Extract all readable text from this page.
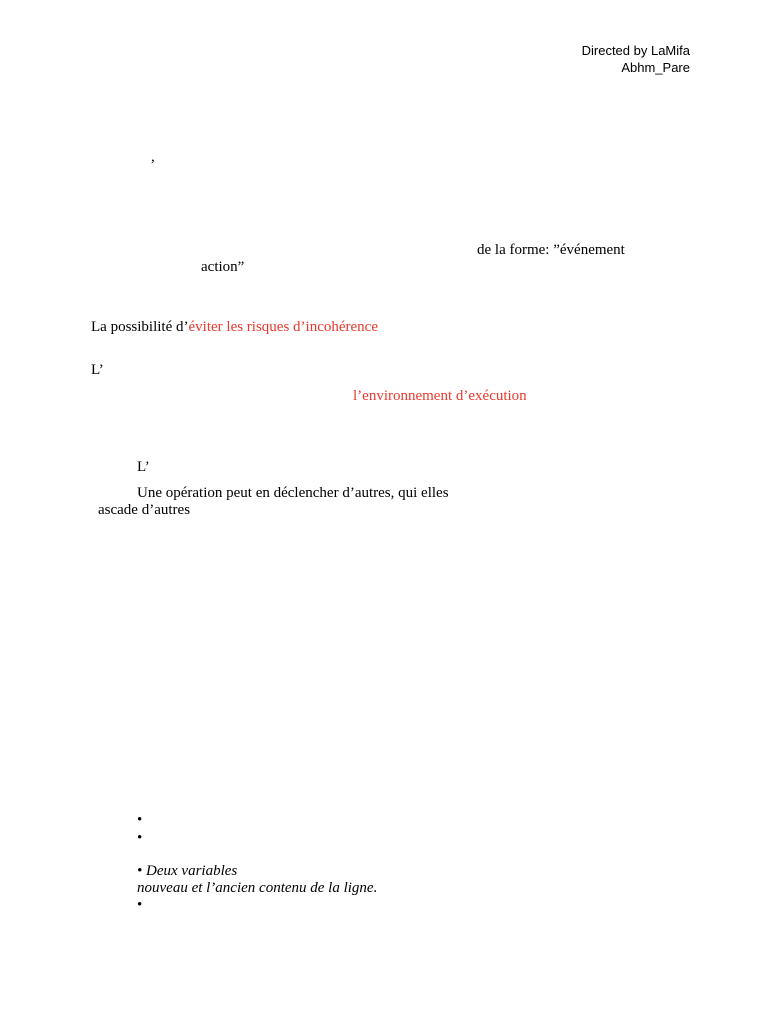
Directed by LaMifa
Abhm_Pare
,
de la forme: ”événement
action”
La possibilité d’éviter les risques d’incohérence
L’
l’environnement d’exécution
L’
Une opération peut en déclencher d’autres, qui elles
ascade d’autres
•
•
• Deux variables
nouveau et l’ancien contenu de la ligne.
•
